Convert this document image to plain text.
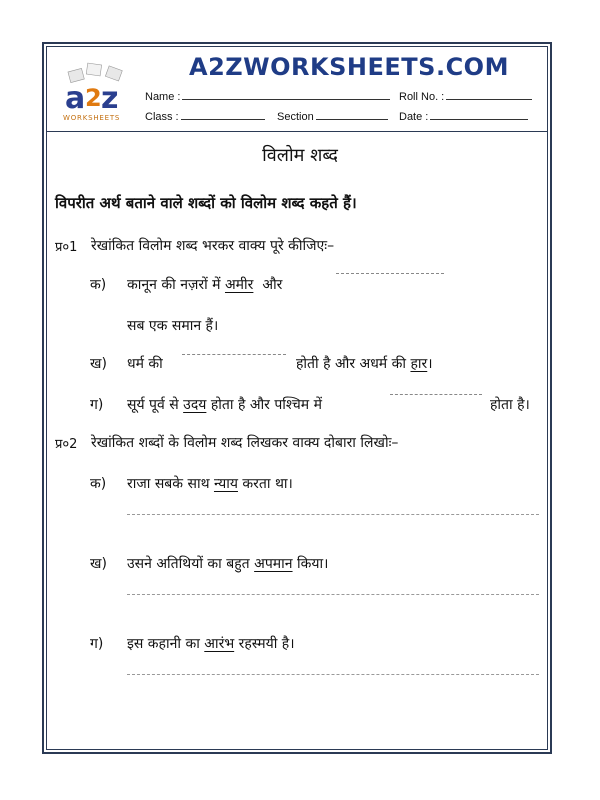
a 2 z
WORKSHEETS
A2ZWORKSHEETS.COM
Name :	Roll No. :
Class :	Section	Date :
विलोम शब्द
विपरीत अर्थ बताने वाले शब्दों को विलोम शब्द कहते हैं।
प्र०1 रेखांकित विलोम शब्द भरकर वाक्य पूरे कीजिएः–
क) कानून की नज़रों में अमीर और
सब एक समान हैं।
ख) धर्म की	होती है और अधर्म की हार।
ग) सूर्य पूर्व से उदय होता है और पश्चिम में	होता है।
प्र०2 रेखांकित शब्दों के विलोम शब्द लिखकर वाक्य दोबारा लिखोः–
क) राजा सबके साथ न्याय करता था।
ख) उसने अतिथियों का बहुत अपमान किया।
ग) इस कहानी का आरंभ रहस्मयी है।
